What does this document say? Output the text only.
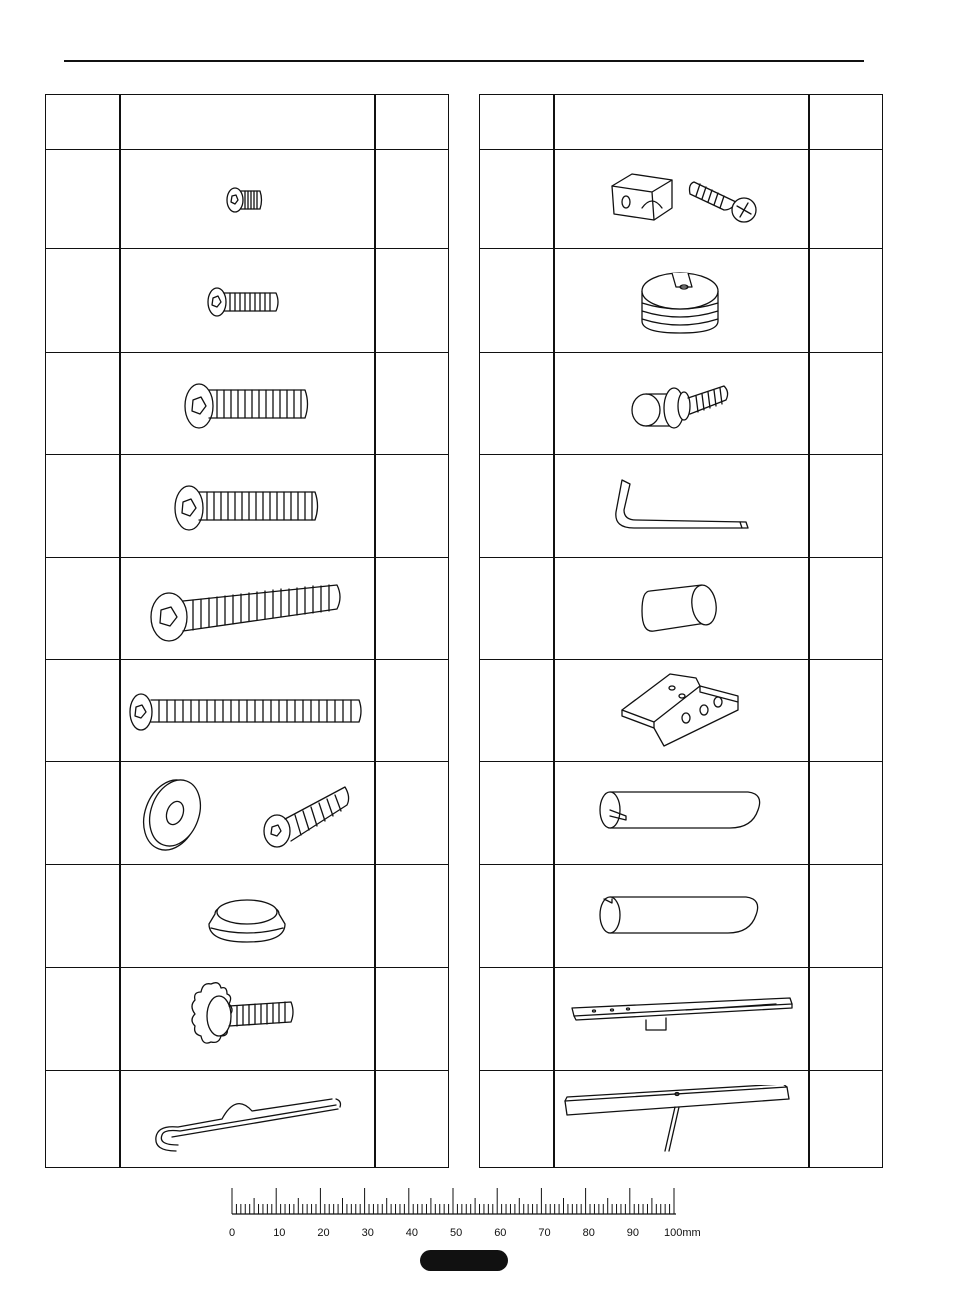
0	10	20	30	40	50	60	70	80	90 100mm
